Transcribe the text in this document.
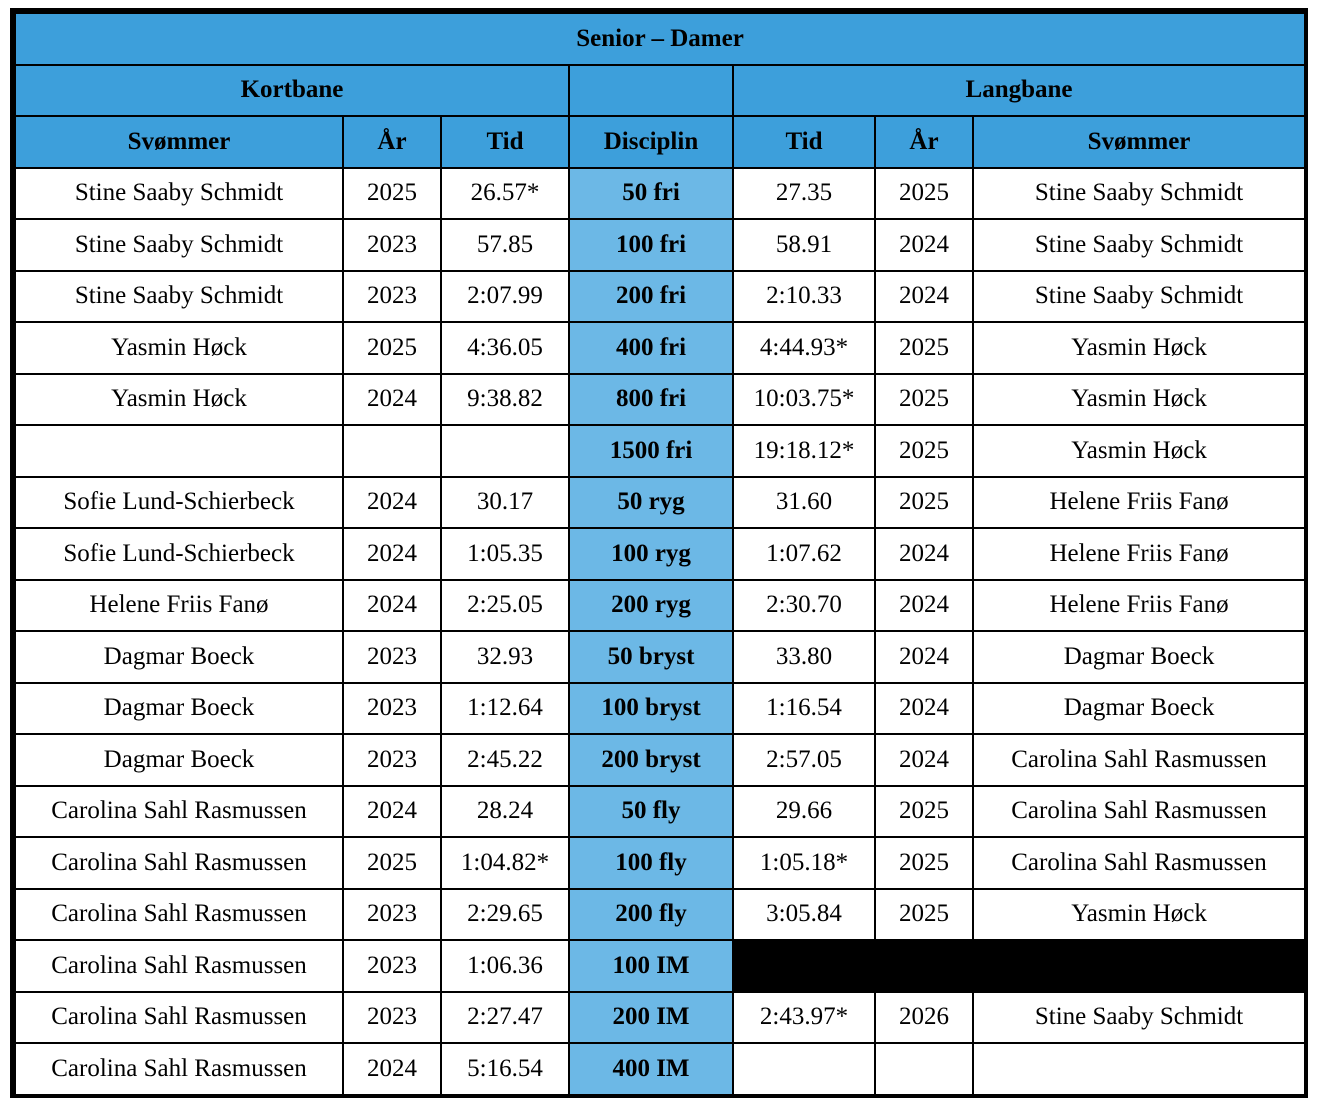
Senior – Damer						
Kortbane				Langbane		
Svømmer	År	Tid	Disciplin	Tid	År	Svømmer
Stine Saaby Schmidt	2025	26.57*	50 fri	27.35	2025	Stine Saaby Schmidt
Stine Saaby Schmidt	2023	57.85	100 fri	58.91	2024	Stine Saaby Schmidt
Stine Saaby Schmidt	2023	2:07.99	200 fri	2:10.33	2024	Stine Saaby Schmidt
Yasmin Høck	2025	4:36.05	400 fri	4:44.93*	2025	Yasmin Høck
Yasmin Høck	2024	9:38.82	800 fri	10:03.75*	2025	Yasmin Høck
			1500 fri	19:18.12*	2025	Yasmin Høck
Sofie Lund-Schierbeck	2024	30.17	50 ryg	31.60	2025	Helene Friis Fanø
Sofie Lund-Schierbeck	2024	1:05.35	100 ryg	1:07.62	2024	Helene Friis Fanø
Helene Friis Fanø	2024	2:25.05	200 ryg	2:30.70	2024	Helene Friis Fanø
Dagmar Boeck	2023	32.93	50 bryst	33.80	2024	Dagmar Boeck
Dagmar Boeck	2023	1:12.64	100 bryst	1:16.54	2024	Dagmar Boeck
Dagmar Boeck	2023	2:45.22	200 bryst	2:57.05	2024	Carolina Sahl Rasmussen
Carolina Sahl Rasmussen	2024	28.24	50 fly	29.66	2025	Carolina Sahl Rasmussen
Carolina Sahl Rasmussen	2025	1:04.82*	100 fly	1:05.18*	2025	Carolina Sahl Rasmussen
Carolina Sahl Rasmussen	2023	2:29.65	200 fly	3:05.84	2025	Yasmin Høck
Carolina Sahl Rasmussen	2023	1:06.36	100 IM			
Carolina Sahl Rasmussen	2023	2:27.47	200 IM	2:43.97*	2026	Stine Saaby Schmidt
Carolina Sahl Rasmussen	2024	5:16.54	400 IM			
